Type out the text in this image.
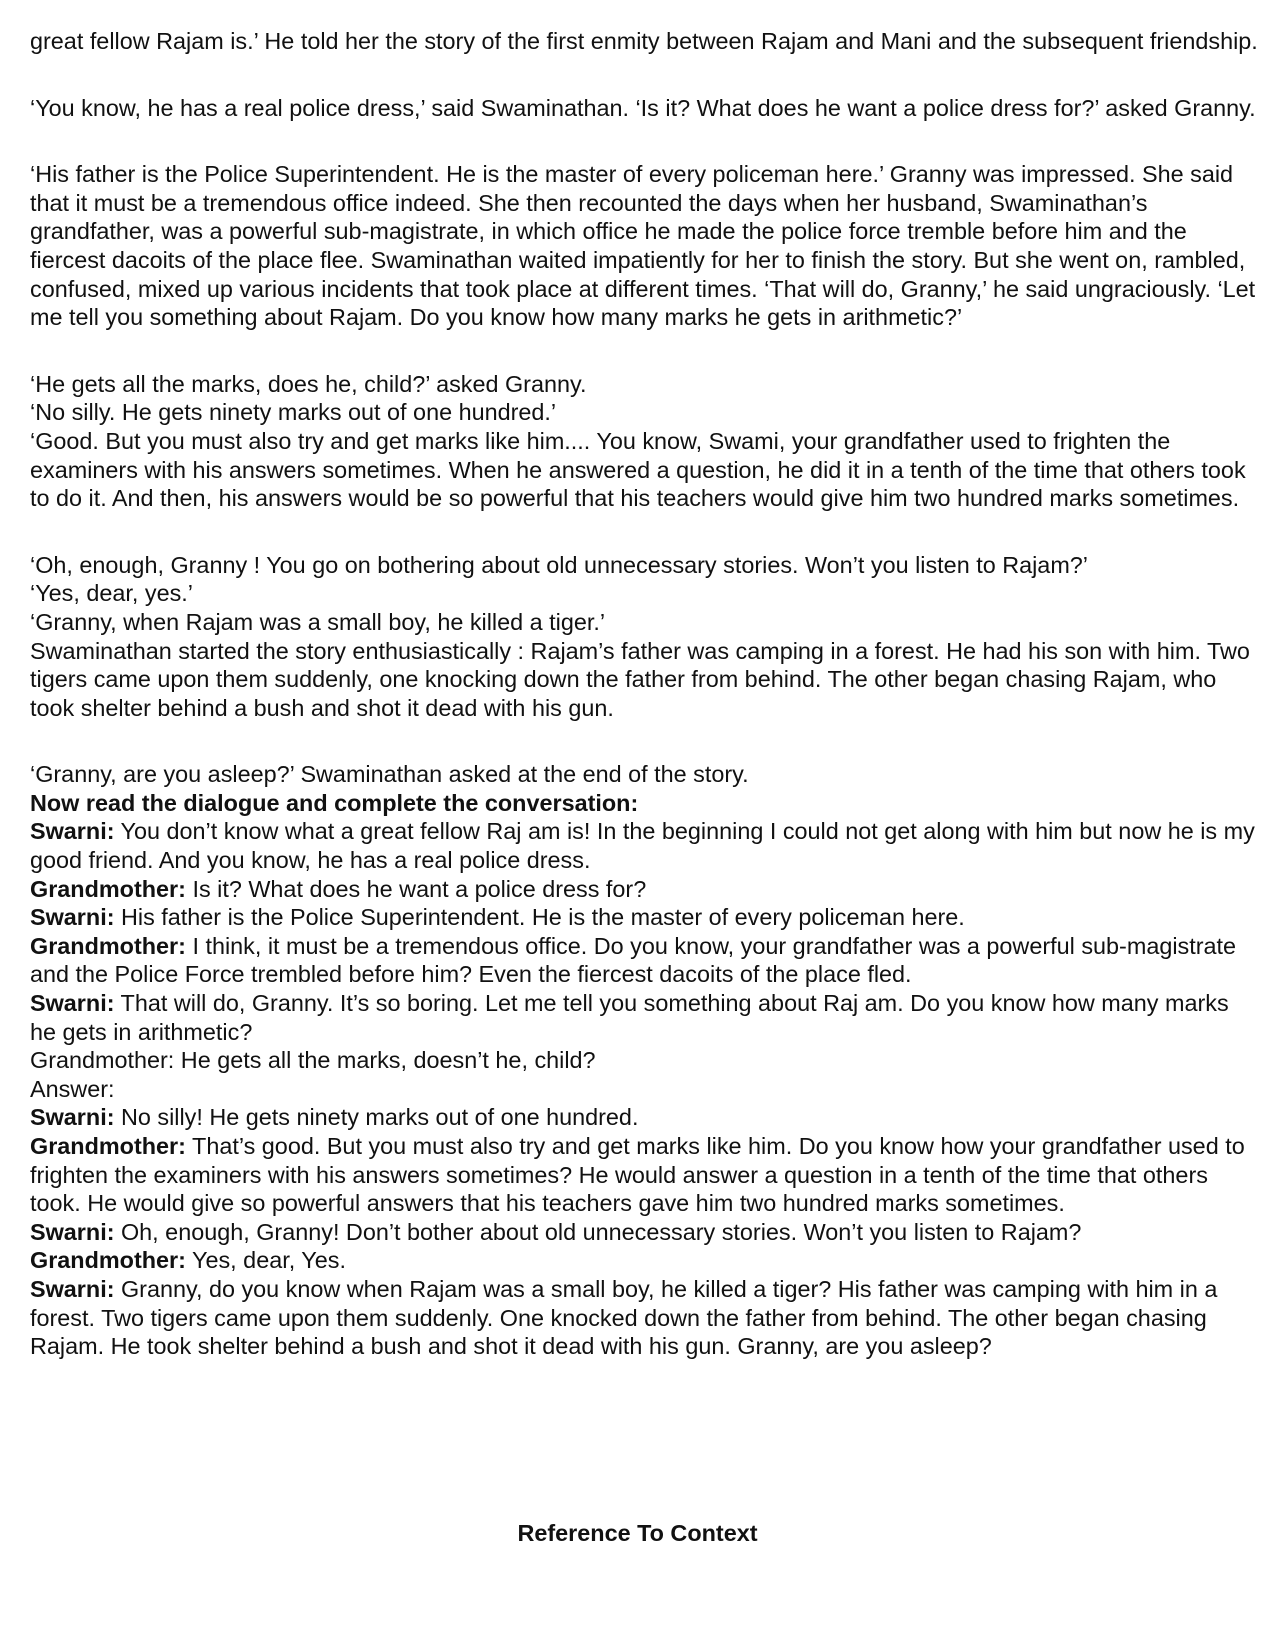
great fellow Rajam is.’ He told her the story of the first enmity between Rajam and Mani and the subsequent friendship.

‘You know, he has a real police dress,’ said Swaminathan. ‘Is it? What does he want a police dress for?’ asked Granny.

‘His father is the Police Superintendent. He is the master of every policeman here.’ Granny was impressed. She said that it must be a tremendous office indeed. She then recounted the days when her husband, Swaminathan’s grandfather, was a powerful sub-magistrate, in which office he made the police force tremble before him and the fiercest dacoits of the place flee. Swaminathan waited impatiently for her to finish the story. But she went on, rambled, confused, mixed up various incidents that took place at different times. ‘That will do, Granny,’ he said ungraciously. ‘Let me tell you something about Rajam. Do you know how many marks he gets in arithmetic?’

‘He gets all the marks, does he, child?’ asked Granny.

‘No silly. He gets ninety marks out of one hundred.’

‘Good. But you must also try and get marks like him.... You know, Swami, your grandfather used to frighten the examiners with his answers sometimes. When he answered a question, he did it in a tenth of the time that others took to do it. And then, his answers would be so powerful that his teachers would give him two hundred marks sometimes.

‘Oh, enough, Granny ! You go on bothering about old unnecessary stories. Won’t you listen to Rajam?’

‘Yes, dear, yes.’

‘Granny, when Rajam was a small boy, he killed a tiger.’

Swaminathan started the story enthusiastically : Rajam’s father was camping in a forest. He had his son with him. Two tigers came upon them suddenly, one knocking down the father from behind. The other began chasing Rajam, who took shelter behind a bush and shot it dead with his gun.

‘Granny, are you asleep?’ Swaminathan asked at the end of the story.

Now read the dialogue and complete the conversation:

Swarni: You don’t know what a great fellow Raj am is! In the beginning I could not get along with him but now he is my good friend. And you know, he has a real police dress.

Grandmother: Is it? What does he want a police dress for?

Swarni: His father is the Police Superintendent. He is the master of every policeman here.

Grandmother: I think, it must be a tremendous office. Do you know, your grandfather was a powerful sub-magistrate and the Police Force trembled before him? Even the fiercest dacoits of the place fled.

Swarni: That will do, Granny. It’s so boring. Let me tell you something about Raj am. Do you know how many marks he gets in arithmetic?

Grandmother: He gets all the marks, doesn’t he, child?

Answer:

Swarni: No silly! He gets ninety marks out of one hundred.

Grandmother: That’s good. But you must also try and get marks like him. Do you know how your grandfather used to frighten the examiners with his answers sometimes? He would answer a question in a tenth of the time that others took. He would give so powerful answers that his teachers gave him two hundred marks sometimes.

Swarni: Oh, enough, Granny! Don’t bother about old unnecessary stories. Won’t you listen to Rajam?

Grandmother: Yes, dear, Yes.

Swarni: Granny, do you know when Rajam was a small boy, he killed a tiger? His father was camping with him in a forest. Two tigers came upon them suddenly. One knocked down the father from behind. The other began chasing Rajam. He took shelter behind a bush and shot it dead with his gun. Granny, are you asleep?

Reference To Context
